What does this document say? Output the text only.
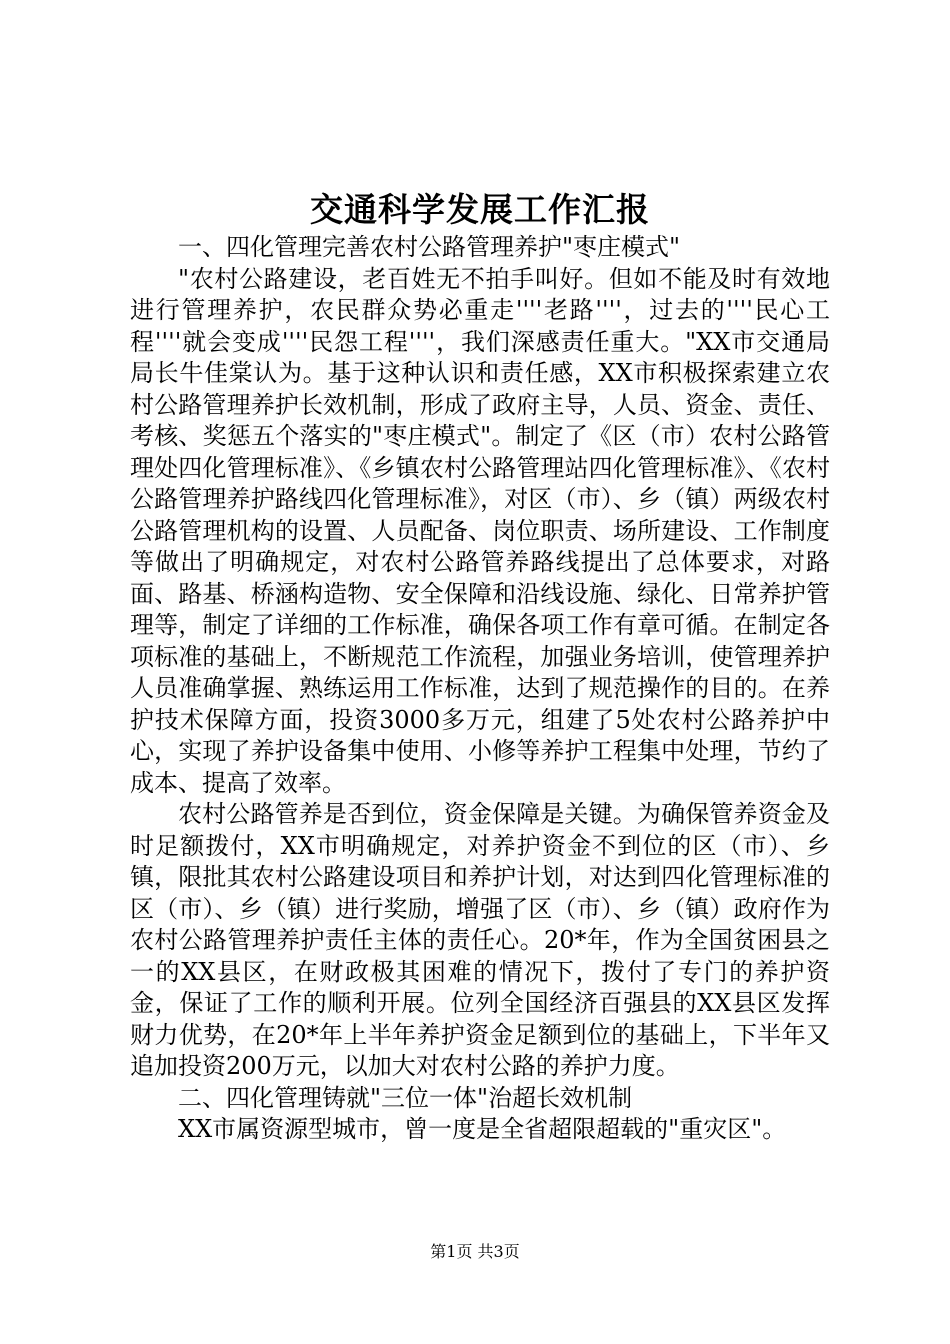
交通科学发展工作汇报

一、四化管理完善农村公路管理养护"枣庄模式"

"农村公路建设，老百姓无不拍手叫好。但如不能及时有效地进行管理养护，农民群众势必重走''''老路''''，过去的''''民心工程''''就会变成''''民怨工程''''，我们深感责任重大。"XX市交通局局长牛佳棠认为。基于这种认识和责任感，XX市积极探索建立农村公路管理养护长效机制，形成了政府主导，人员、资金、责任、考核、奖惩五个落实的"枣庄模式"。制定了《区（市）农村公路管理处四化管理标准》、《乡镇农村公路管理站四化管理标准》、《农村公路管理养护路线四化管理标准》，对区（市）、乡（镇）两级农村公路管理机构的设置、人员配备、岗位职责、场所建设、工作制度等做出了明确规定，对农村公路管养路线提出了总体要求，对路面、路基、桥涵构造物、安全保障和沿线设施、绿化、日常养护管理等，制定了详细的工作标准，确保各项工作有章可循。在制定各项标准的基础上，不断规范工作流程，加强业务培训，使管理养护人员准确掌握、熟练运用工作标准，达到了规范操作的目的。在养护技术保障方面，投资3000多万元，组建了5处农村公路养护中心，实现了养护设备集中使用、小修等养护工程集中处理，节约了成本、提高了效率。

农村公路管养是否到位，资金保障是关键。为确保管养资金及时足额拨付，XX市明确规定，对养护资金不到位的区（市）、乡镇，限批其农村公路建设项目和养护计划，对达到四化管理标准的区（市）、乡（镇）进行奖励，增强了区（市）、乡（镇）政府作为农村公路管理养护责任主体的责任心。20*年，作为全国贫困县之一的XX县区，在财政极其困难的情况下，拨付了专门的养护资金，保证了工作的顺利开展。位列全国经济百强县的XX县区发挥财力优势，在20*年上半年养护资金足额到位的基础上，下半年又追加投资200万元，以加大对农村公路的养护力度。

二、四化管理铸就"三位一体"治超长效机制

XX市属资源型城市，曾一度是全省超限超载的"重灾区"。

第1页 共3页
